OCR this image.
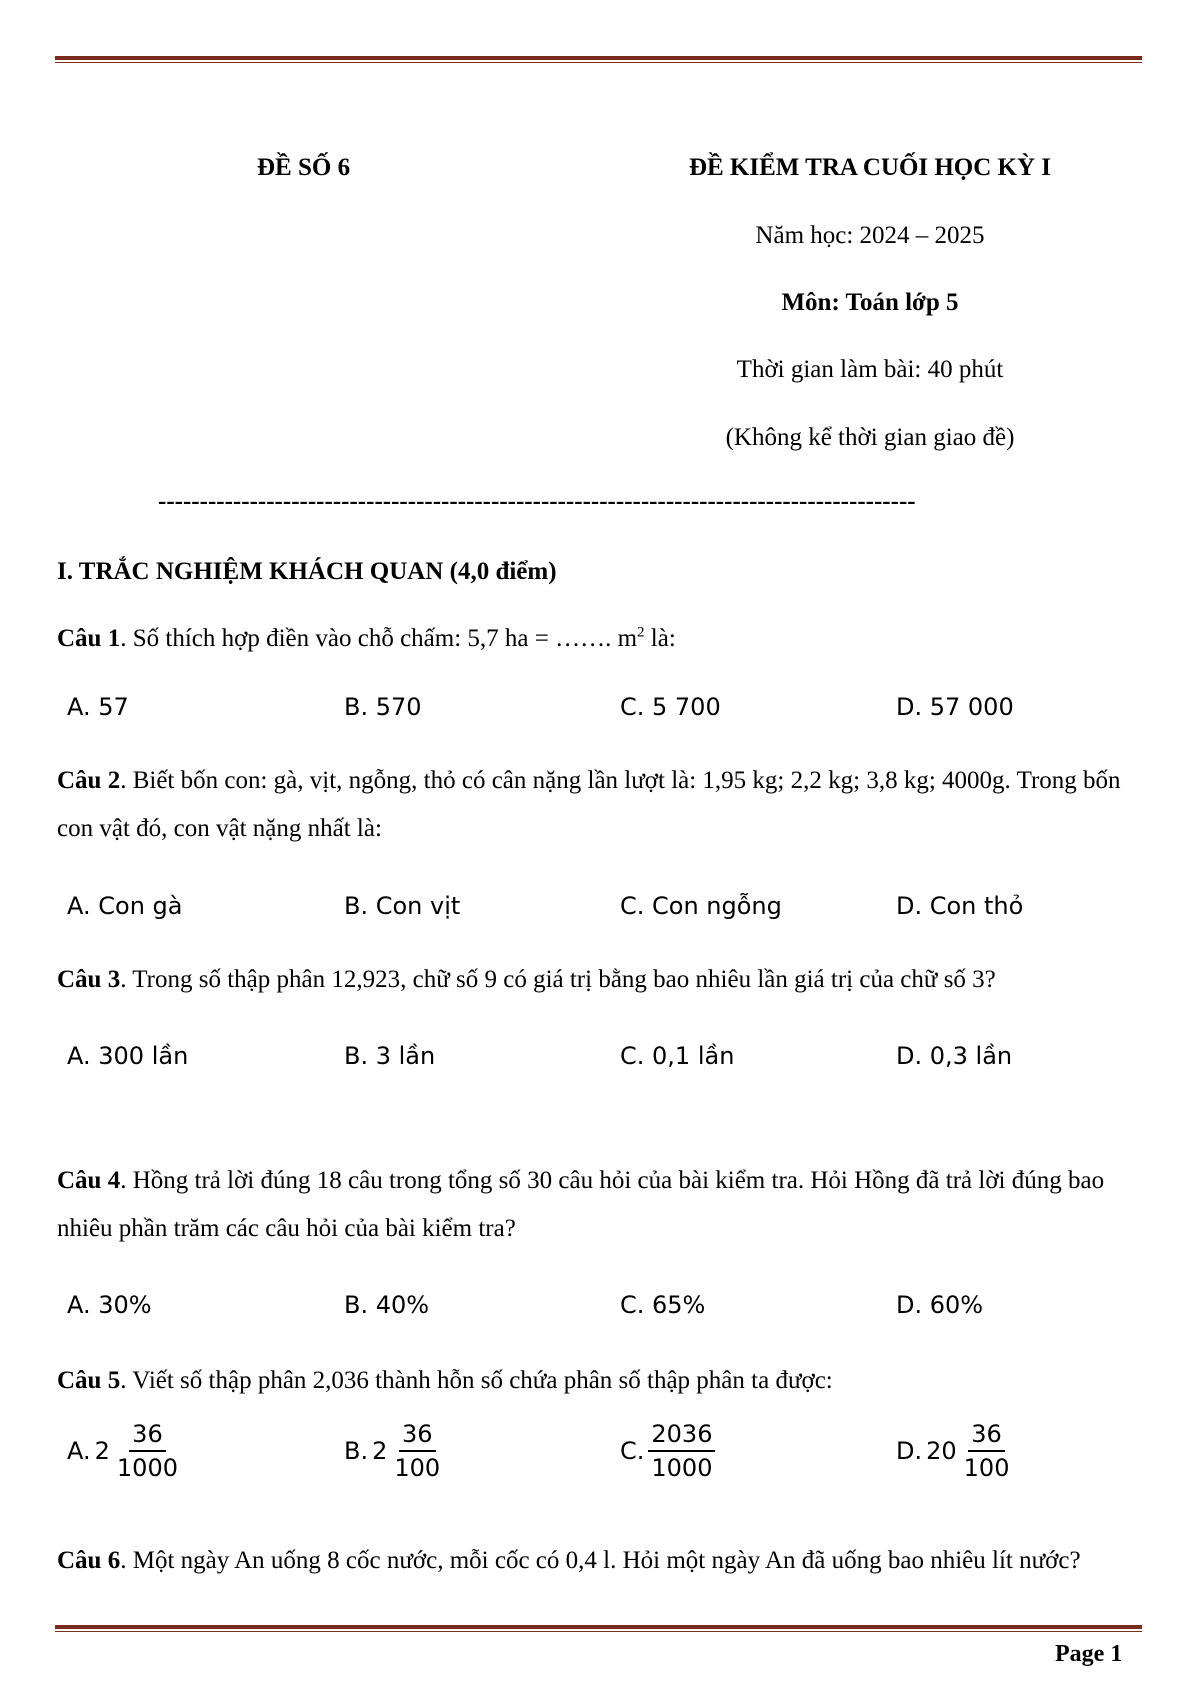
ĐỀ SỐ 6	ĐỀ KIỂM TRA CUỐI HỌC KỲ I
Năm học: 2024 – 2025
Môn: Toán lớp 5
Thời gian làm bài: 40 phút
(Không kể thời gian giao đề)
-------------------------------------------------------------------------------------------
I. TRẮC NGHIỆM KHÁCH QUAN (4,0 điểm)
Câu 1. Số thích hợp điền vào chỗ chấm: 5,7 ha = ……. $m^2$ là:
A. 57	B. 570	C. 5 700	D. 57 000
Câu 2. Biết bốn con: gà, vịt, ngỗng, thỏ có cân nặng lần lượt là: 1,95 kg; 2,2 kg; 3,8 kg; 4000g. Trong bốn con vật đó, con vật nặng nhất là:
A. Con gà	B. Con vịt	C. Con ngỗng	D. Con thỏ
Câu 3. Trong số thập phân 12,923, chữ số 9 có giá trị bằng bao nhiêu lần giá trị của chữ số 3?
A. 300 lần	B. 3 lần	C. 0,1 lần	D. 0,3 lần
Câu 4. Hồng trả lời đúng 18 câu trong tổng số 30 câu hỏi của bài kiểm tra. Hỏi Hồng đã trả lời đúng bao nhiêu phần trăm các câu hỏi của bài kiểm tra?
A. 30%	B. 40%	C. 65%	D. 60%
Câu 5. Viết số thập phân 2,036 thành hỗn số chứa phân số thập phân ta được:
A. $2 \frac{36}{1000}$	B. $2 \frac{36}{100}$	C. $\frac{2036}{1000}$	D. $20 \frac{36}{100}$
Câu 6. Một ngày An uống 8 cốc nước, mỗi cốc có 0,4 l. Hỏi một ngày An đã uống bao nhiêu lít nước?
Page 1
